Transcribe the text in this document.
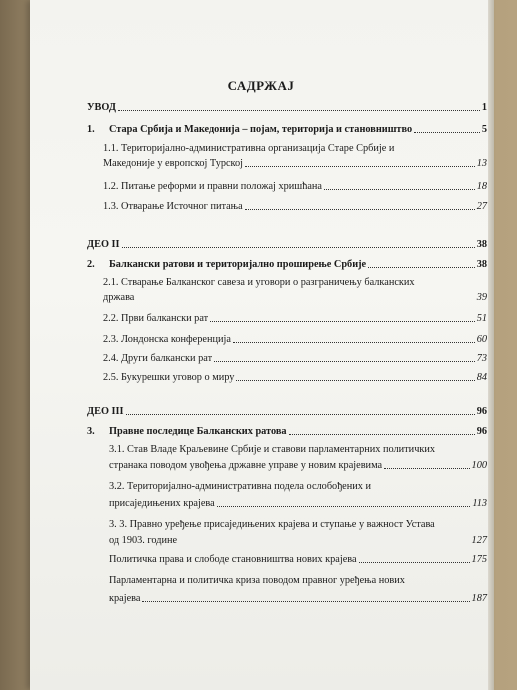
САДРЖАЈ
УВОД	1
1.	Стара Србија и Македонија – појам, територија и становништво	5
1.1. Територијално-административна организација Старе Србије и
Македоније у европској Турској	13
1.2. Питање реформи и правни положај хришћана	18
1.3. Отварање Источног питања	27
ДЕО II	38
2.	Балкански ратови и територијално проширење Србије	38
2.1. Стварање Балканског савеза и уговори о разграничењу балканских
држава	39
2.2. Први балкански рат	51
2.3. Лондонска конференција	60
2.4. Други балкански рат	73
2.5. Букурешки уговор о миру	84
ДЕО III	96
3.	Правне последице Балканских ратова	96
3.1. Став Владе Краљевине Србије и ставови парламентарних политичких
странака поводом увођења државне управе у новим крајевима	100
3.2. Територијално-административна подела ослобођених и
присаједињених крајева	113
3. 3. Правно уређење присаједињених крајева и ступање у важност Устава
од 1903. године	127
Политичка права и слободе становништва нових крајева	175
Парламентарна и политичка криза поводом правног уређења нових
крајева	187
